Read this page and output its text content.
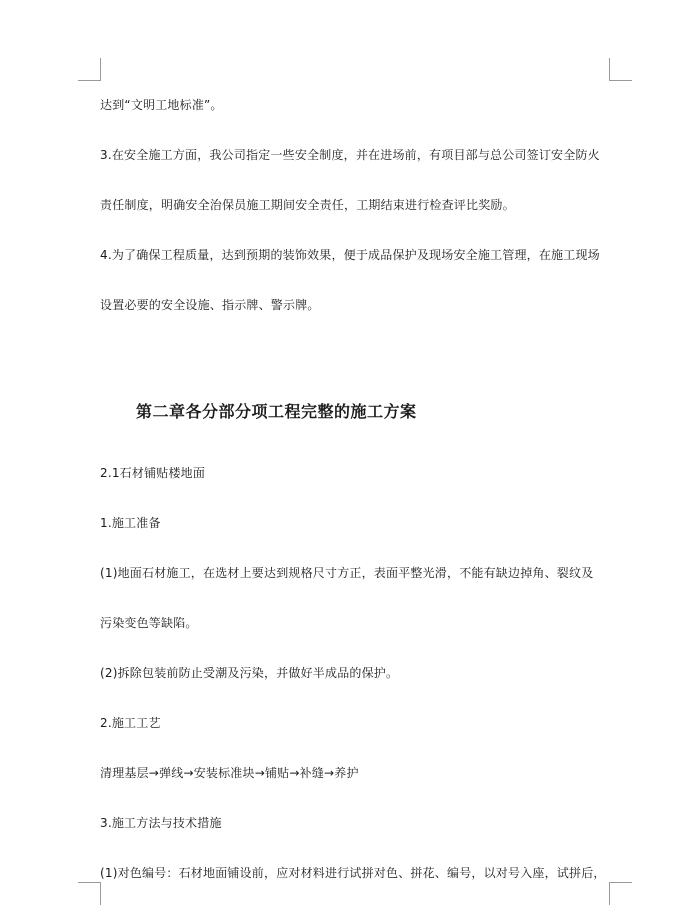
达到“文明工地标准”。
3.在安全施工方面，我公司指定一些安全制度，并在进场前，有项目部与总公司签订安全防火
责任制度，明确安全治保员施工期间安全责任，工期结束进行检查评比奖励。
4.为了确保工程质量，达到预期的装饰效果，便于成品保护及现场安全施工管理，在施工现场
设置必要的安全设施、指示牌、警示牌。
第二章各分部分项工程完整的施工方案
2.1石材铺贴楼地面
1.施工准备
(1)地面石材施工，在选材上要达到规格尺寸方正，表面平整光滑，不能有缺边掉角、裂纹及
污染变色等缺陷。
(2)拆除包装前防止受潮及污染，并做好半成品的保护。
2.施工工艺
清理基层→弹线→安装标准块→铺贴→补缝→养护
3.施工方法与技术措施
(1)对色编号：石材地面铺设前，应对材料进行试拼对色、拼花、编号，以对号入座，试拼后，
